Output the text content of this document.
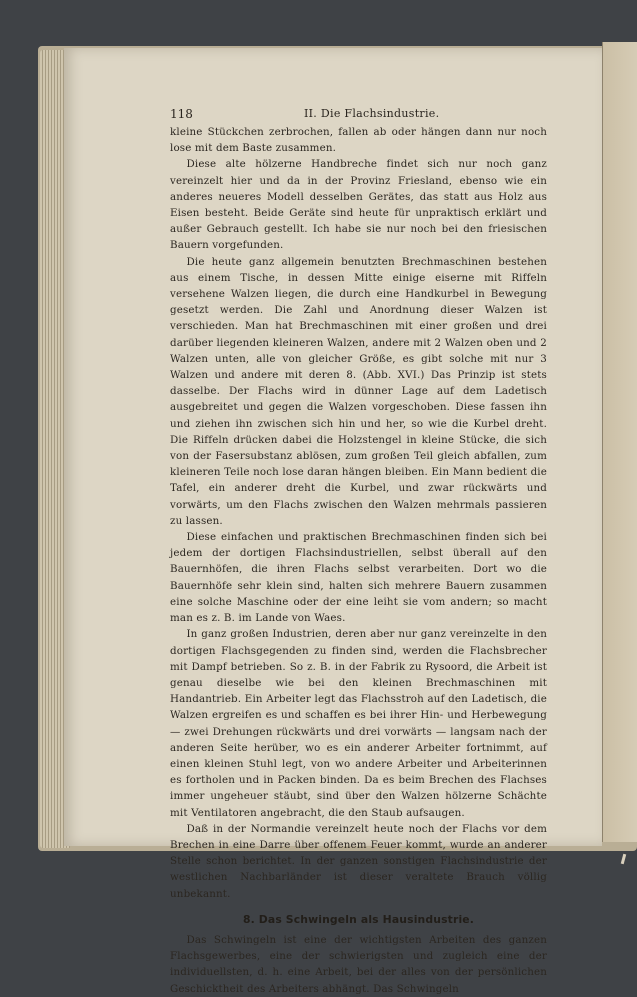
118	II. Die Flachsindustrie.

kleine Stückchen zerbrochen, fallen ab oder hängen dann nur noch lose mit dem Baste zusammen.

Diese alte hölzerne Handbreche findet sich nur noch ganz vereinzelt hier und da in der Provinz Friesland, ebenso wie ein anderes neueres Modell desselben Gerätes, das statt aus Holz aus Eisen besteht. Beide Geräte sind heute für unpraktisch erklärt und außer Gebrauch gestellt. Ich habe sie nur noch bei den friesischen Bauern vorgefunden.

Die heute ganz allgemein benutzten Brechmaschinen bestehen aus einem Tische, in dessen Mitte einige eiserne mit Riffeln versehene Walzen liegen, die durch eine Handkurbel in Bewegung gesetzt werden. Die Zahl und Anordnung dieser Walzen ist verschieden. Man hat Brechmaschinen mit einer großen und drei darüber liegenden kleineren Walzen, andere mit 2 Walzen oben und 2 Walzen unten, alle von gleicher Größe, es gibt solche mit nur 3 Walzen und andere mit deren 8. (Abb. XVI.) Das Prinzip ist stets dasselbe. Der Flachs wird in dünner Lage auf dem Ladetisch ausgebreitet und gegen die Walzen vorgeschoben. Diese fassen ihn und ziehen ihn zwischen sich hin und her, so wie die Kurbel dreht. Die Riffeln drücken dabei die Holzstengel in kleine Stücke, die sich von der Fasersubstanz ablösen, zum großen Teil gleich abfallen, zum kleineren Teile noch lose daran hängen bleiben. Ein Mann bedient die Tafel, ein anderer dreht die Kurbel, und zwar rückwärts und vorwärts, um den Flachs zwischen den Walzen mehrmals passieren zu lassen.

Diese einfachen und praktischen Brechmaschinen finden sich bei jedem der dortigen Flachsindustriellen, selbst überall auf den Bauernhöfen, die ihren Flachs selbst verarbeiten. Dort wo die Bauernhöfe sehr klein sind, halten sich mehrere Bauern zusammen eine solche Maschine oder der eine leiht sie vom andern; so macht man es z. B. im Lande von Waes.

In ganz großen Industrien, deren aber nur ganz vereinzelte in den dortigen Flachsgegenden zu finden sind, werden die Flachsbrecher mit Dampf betrieben. So z. B. in der Fabrik zu Rysoord, die Arbeit ist genau dieselbe wie bei den kleinen Brechmaschinen mit Handantrieb. Ein Arbeiter legt das Flachsstroh auf den Ladetisch, die Walzen ergreifen es und schaffen es bei ihrer Hin- und Herbewegung — zwei Drehungen rückwärts und drei vorwärts — langsam nach der anderen Seite herüber, wo es ein anderer Arbeiter fortnimmt, auf einen kleinen Stuhl legt, von wo andere Arbeiter und Arbeiterinnen es fortholen und in Packen binden. Da es beim Brechen des Flachses immer ungeheuer stäubt, sind über den Walzen hölzerne Schächte mit Ventilatoren angebracht, die den Staub aufsaugen.

Daß in der Normandie vereinzelt heute noch der Flachs vor dem Brechen in eine Darre über offenem Feuer kommt, wurde an anderer Stelle schon berichtet. In der ganzen sonstigen Flachsindustrie der westlichen Nachbarländer ist dieser veraltete Brauch völlig unbekannt.

8. Das Schwingeln als Hausindustrie.

Das Schwingeln ist eine der wichtigsten Arbeiten des ganzen Flachsgewerbes, eine der schwierigsten und zugleich eine der individuellsten, d. h. eine Arbeit, bei der alles von der persönlichen Geschicktheit des Arbeiters abhängt. Das Schwingeln
